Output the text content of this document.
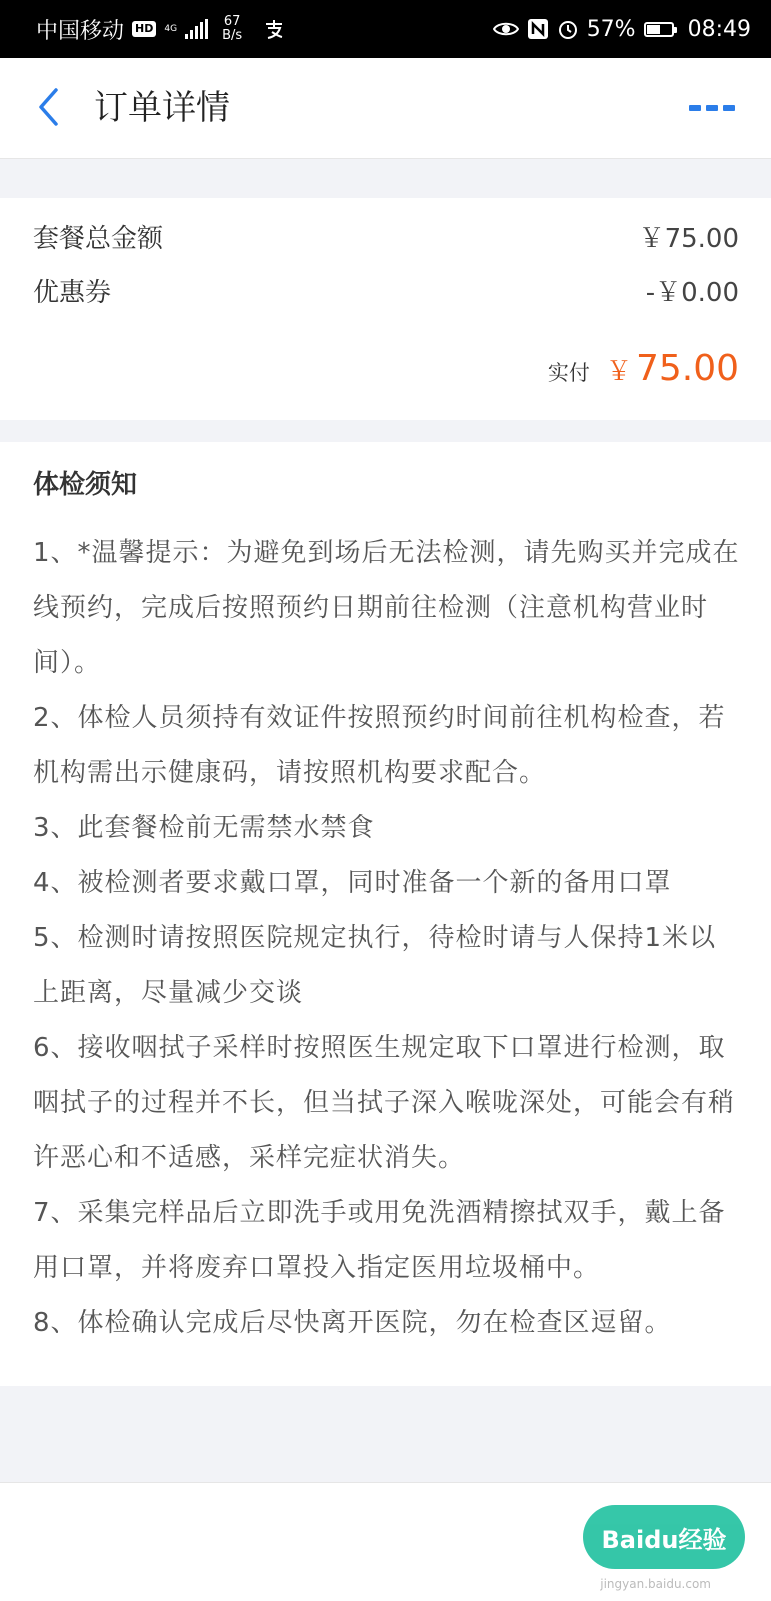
中国移动 HD	4G	67
B/s	57% 08:49
订单详情
套餐总金额	￥75.00
优惠券	-￥0.00
实付 ￥ 75.00
体检须知
1、*温馨提示：为避免到场后无法检测，请先购买并完成在线预约，完成后按照预约日期前往检测（注意机构营业时间）。
2、体检人员须持有效证件按照预约时间前往机构检查，若机构需出示健康码，请按照机构要求配合。
3、此套餐检前无需禁水禁食
4、被检测者要求戴口罩，同时准备一个新的备用口罩
5、检测时请按照医院规定执行，待检时请与人保持1米以上距离，尽量减少交谈
6、接收咽拭子采样时按照医生规定取下口罩进行检测，取咽拭子的过程并不长，但当拭子深入喉咙深处，可能会有稍许恶心和不适感，采样完症状消失。
7、采集完样品后立即洗手或用免洗酒精擦拭双手，戴上备用口罩，并将废弃口罩投入指定医用垃圾桶中。
8、体检确认完成后尽快离开医院，勿在检查区逗留。
Baidu经验
jingyan.baidu.com
